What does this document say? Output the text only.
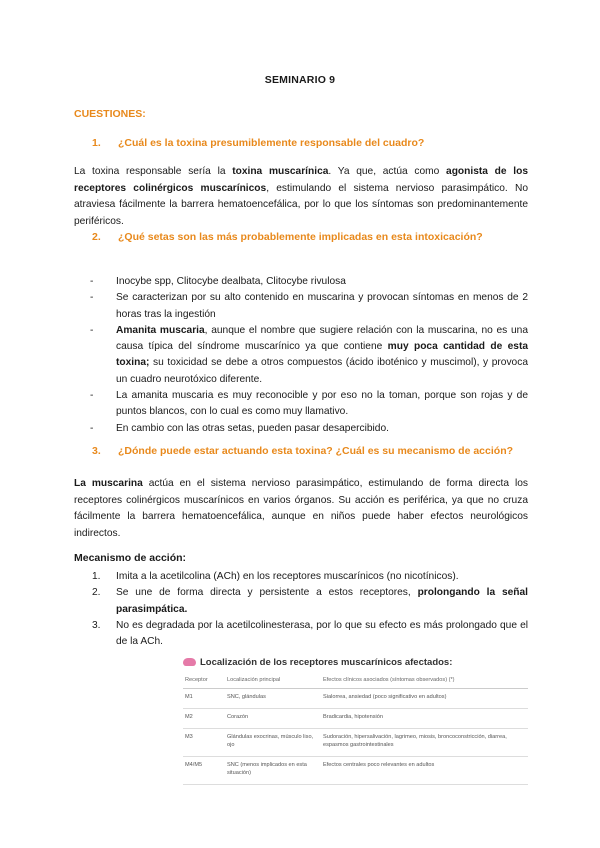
SEMINARIO 9
CUESTIONES:
1.	¿Cuál es la toxina presumiblemente responsable del cuadro?
La toxina responsable sería la toxina muscarínica. Ya que, actúa como agonista de los receptores colinérgicos muscarínicos, estimulando el sistema nervioso parasimpático. No atraviesa fácilmente la barrera hematoencefálica, por lo que los síntomas son predominantemente periféricos.
2.	¿Qué setas son las más probablemente implicadas en esta intoxicación?
-	Inocybe spp, Clitocybe dealbata, Clitocybe rivulosa
-	Se caracterizan por su alto contenido en muscarina y provocan síntomas en menos de 2 horas tras la ingestión
-	Amanita muscaria, aunque el nombre que sugiere relación con la muscarina, no es una causa típica del síndrome muscarínico ya que contiene muy poca cantidad de esta toxina; su toxicidad se debe a otros compuestos (ácido iboténico y muscimol), y provoca un cuadro neurotóxico diferente.
-	La amanita muscaria es muy reconocible y por eso no la toman, porque son rojas y de puntos blancos, con lo cual es como muy llamativo.
-	En cambio con las otras setas, pueden pasar desapercibido.
3.	¿Dónde puede estar actuando esta toxina? ¿Cuál es su mecanismo de acción?
La muscarina actúa en el sistema nervioso parasimpático, estimulando de forma directa los receptores colinérgicos muscarínicos en varios órganos. Su acción es periférica, ya que no cruza fácilmente la barrera hematoencefálica, aunque en niños puede haber efectos neurológicos indirectos.
Mecanismo de acción:
1.	Imita a la acetilcolina (ACh) en los receptores muscarínicos (no nicotínicos).
2.	Se une de forma directa y persistente a estos receptores, prolongando la señal parasimpática.
3.	No es degradada por la acetilcolinesterasa, por lo que su efecto es más prolongado que el de la ACh.
Localización de los receptores muscarínicos afectados:
Receptor	Localización principal	Efectos clínicos asociados (síntomas observados) (*)
M1	SNC, glándulas	Sialorrea, ansiedad (poco significativo en adultos)
M2	Corazón	Bradicardia, hipotensión
M3	Glándulas exocrinas, músculo liso, ojo	Sudoración, hipersalivación, lagrimeo, miosis, broncoconstricción, diarrea, espasmos gastrointestinales
M4/M5	SNC (menos implicados en esta situación)	Efectos centrales poco relevantes en adultos
